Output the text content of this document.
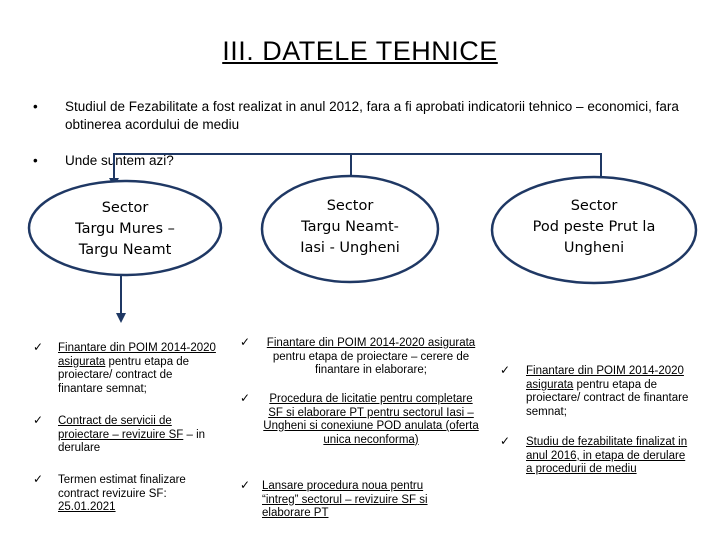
III. DATELE TEHNICE
• Studiul de Fezabilitate a fost realizat in anul 2012, fara a fi aprobati indicatorii tehnico – economici, fara obtinerea acordului de mediu
• Unde suntem azi?
Sector
Targu Mures –
Targu Neamt
Sector
Targu Neamt-
Iasi - Ungheni
Sector
Pod peste Prut la
Ungheni
✓ Finantare din POIM 2014-2020 asigurata pentru etapa de proiectare/ contract de finantare semnat;
✓ Contract de servicii de proiectare – revizuire SF – in derulare
✓ Termen estimat finalizare contract revizuire SF: 25.01.2021
✓	Finantare din POIM 2014-2020 asigurata pentru etapa de proiectare – cerere de finantare in elaborare;
✓	Procedura de licitatie pentru completare SF si elaborare PT pentru sectorul Iasi – Ungheni si conexiune POD anulata (oferta unica neconforma)
✓ Lansare procedura noua pentru “intreg” sectorul – revizuire SF si elaborare PT
✓ Finantare din POIM 2014-2020 asigurata pentru etapa de proiectare/ contract de finantare semnat;
✓ Studiu de fezabilitate finalizat in anul 2016, in etapa de derulare a procedurii de mediu
